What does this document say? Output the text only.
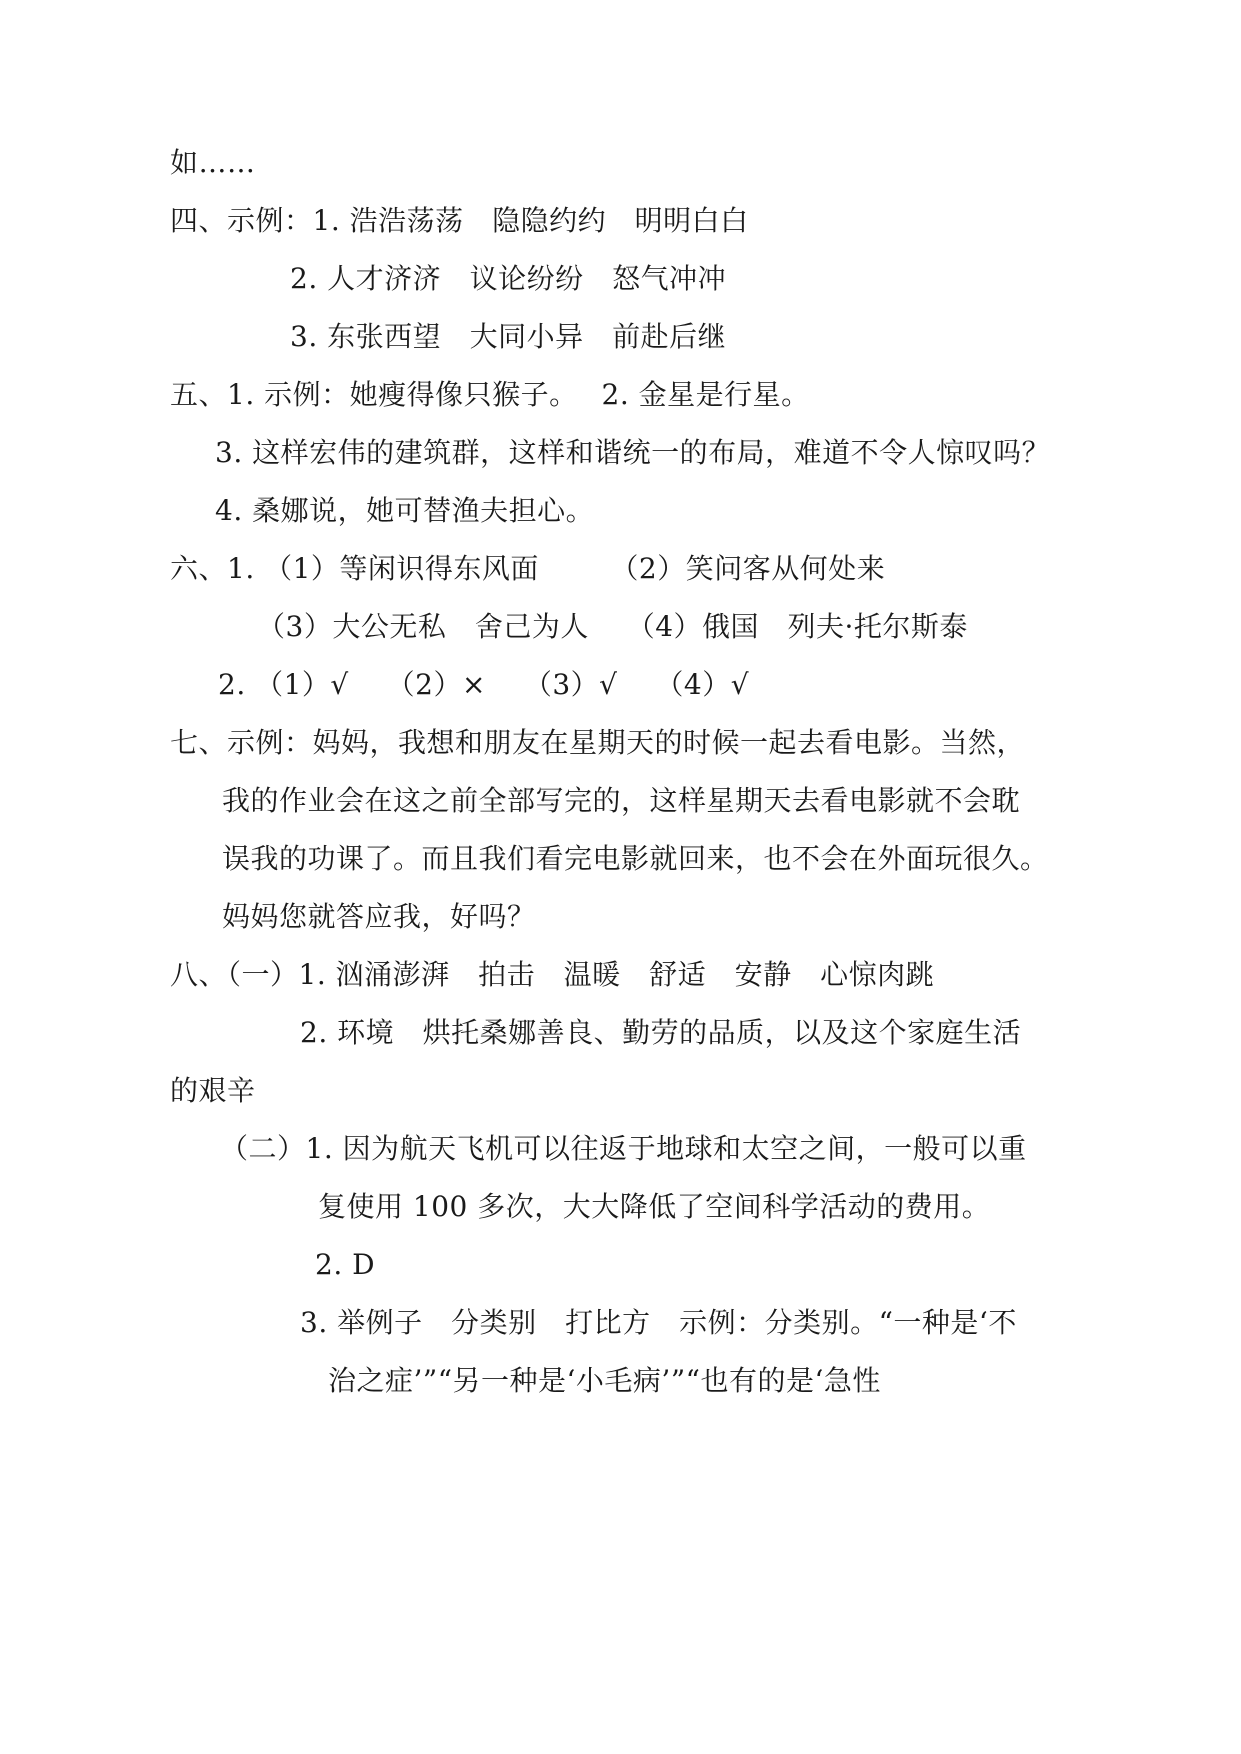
如……
四、示例：1. 浩浩荡荡　隐隐约约　明明白白
2. 人才济济　议论纷纷　怒气冲冲
3. 东张西望　大同小异　前赴后继
五、1. 示例：她瘦得像只猴子。　 2. 金星是行星。
3. 这样宏伟的建筑群，这样和谐统一的布局，难道不令人惊叹吗？
4. 桑娜说，她可替渔夫担心。
六、1. （1）等闲识得东风面　　　（2）笑问客从何处来
（3）大公无私　舍己为人　 （4）俄国　列夫·托尔斯泰
2. （1）√　 （2）×　 （3）√　 （4）√
七、示例：妈妈，我想和朋友在星期天的时候一起去看电影。当然，
我的作业会在这之前全部写完的，这样星期天去看电影就不会耽
误我的功课了。而且我们看完电影就回来，也不会在外面玩很久。
妈妈您就答应我，好吗？
八、（一）1. 汹涌澎湃　拍击　温暖　舒适　安静　心惊肉跳
2. 环境　烘托桑娜善良、勤劳的品质，以及这个家庭生活
的艰辛
（二）1. 因为航天飞机可以往返于地球和太空之间，一般可以重
复使用 100 多次，大大降低了空间科学活动的费用。
2. D
3. 举例子　分类别　打比方　示例：分类别。“一种是‘不
治之症’”“另一种是‘小毛病’”“也有的是‘急性
